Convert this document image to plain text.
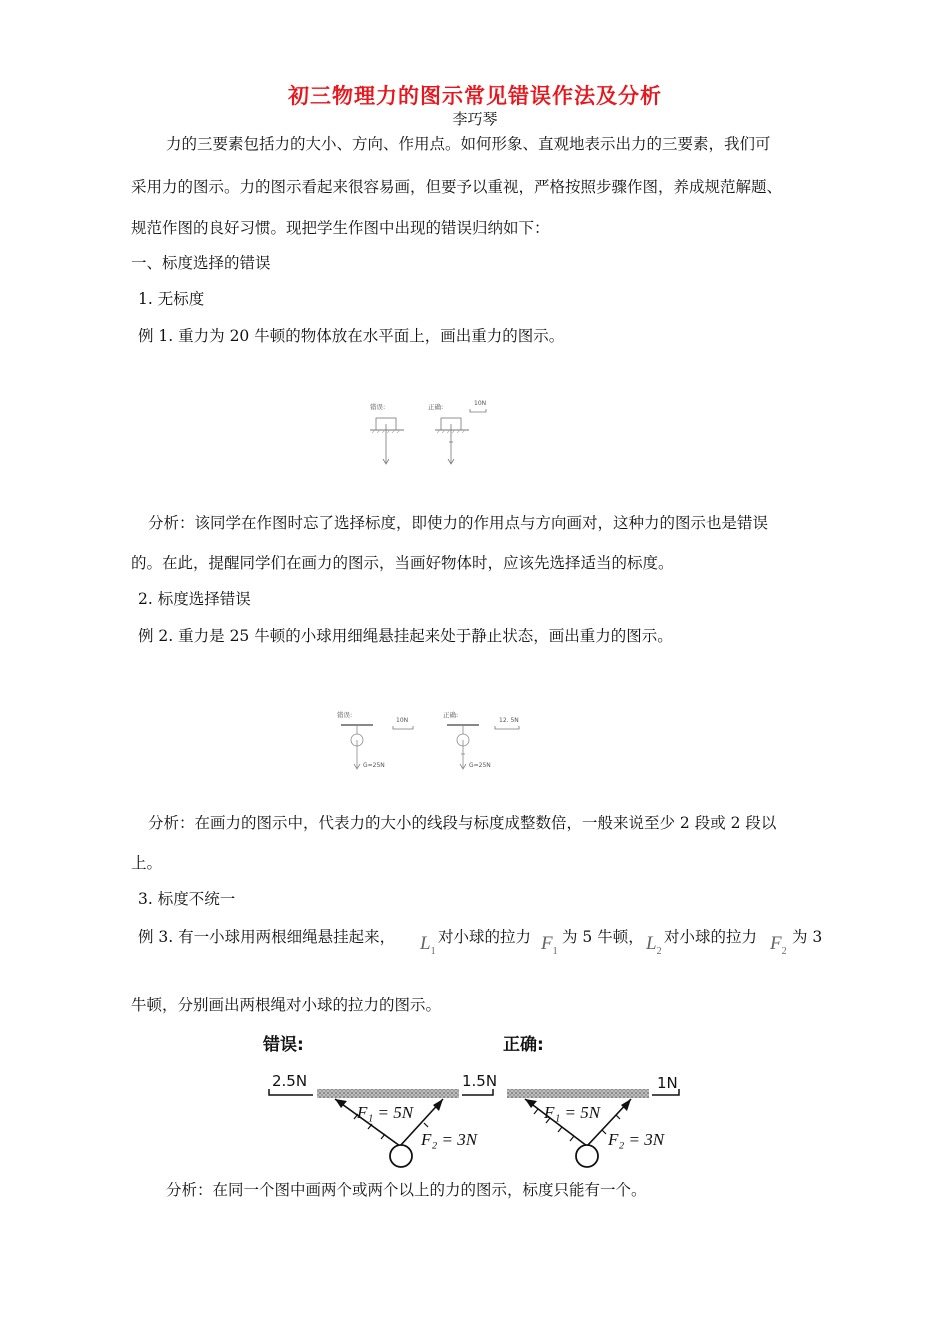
初三物理力的图示常见错误作法及分析
李巧琴
力的三要素包括力的大小、方向、作用点。如何形象、直观地表示出力的三要素，我们可
采用力的图示。力的图示看起来很容易画，但要予以重视，严格按照步骤作图，养成规范解题、
规范作图的良好习惯。现把学生作图中出现的错误归纳如下：
一、标度选择的错误
1. 无标度
例 1. 重力为 20 牛顿的物体放在水平面上，画出重力的图示。
错误:	正确:	10N
分析：该同学在作图时忘了选择标度，即使力的作用点与方向画对，这种力的图示也是错误
的。在此，提醒同学们在画力的图示，当画好物体时，应该先选择适当的标度。
2. 标度选择错误
例 2. 重力是 25 牛顿的小球用细绳悬挂起来处于静止状态，画出重力的图示。
错误:
10N
G=25N
正确:
12. 5N
G=25N
分析：在画力的图示中，代表力的大小的线段与标度成整数倍，一般来说至少 2 段或 2 段以
上。
3. 标度不统一
例 3. 有一小球用两根细绳悬挂起来， $L_1$
对小球的拉力 $F_1$
为 5 牛顿， $L_2$
对小球的拉力 $F_2$
为 3
牛顿，分别画出两根绳对小球的拉力的图示。
错误:
2.5N	1.5N
F₁ = 5N
F₂ = 3N
正确:
1N
F₁ = 5N
F₂ = 3N
分析：在同一个图中画两个或两个以上的力的图示，标度只能有一个。
